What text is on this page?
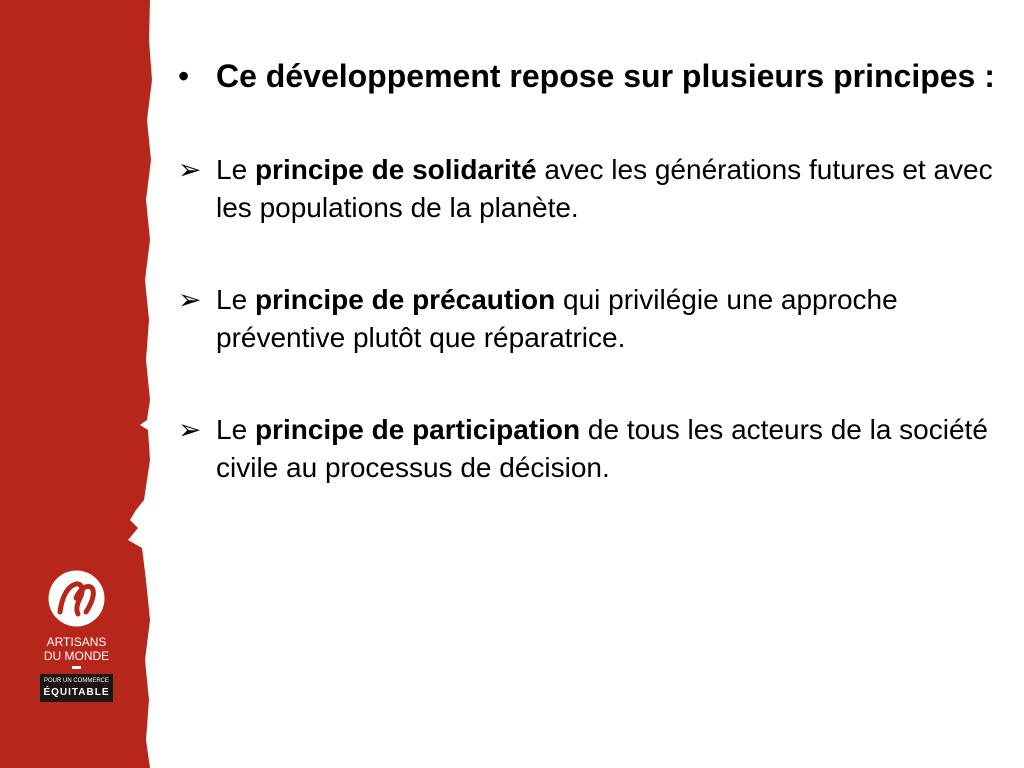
ARTISANS
DU MONDE
POUR UN COMMERCE
ÉQUITABLE
• Ce développement repose sur plusieurs principes :
➢ Le principe de solidarité avec les générations futures et avec les populations de la planète.
➢ Le principe de précaution qui privilégie une approche préventive plutôt que réparatrice.
➢ Le principe de participation de tous les acteurs de la société civile au processus de décision.
